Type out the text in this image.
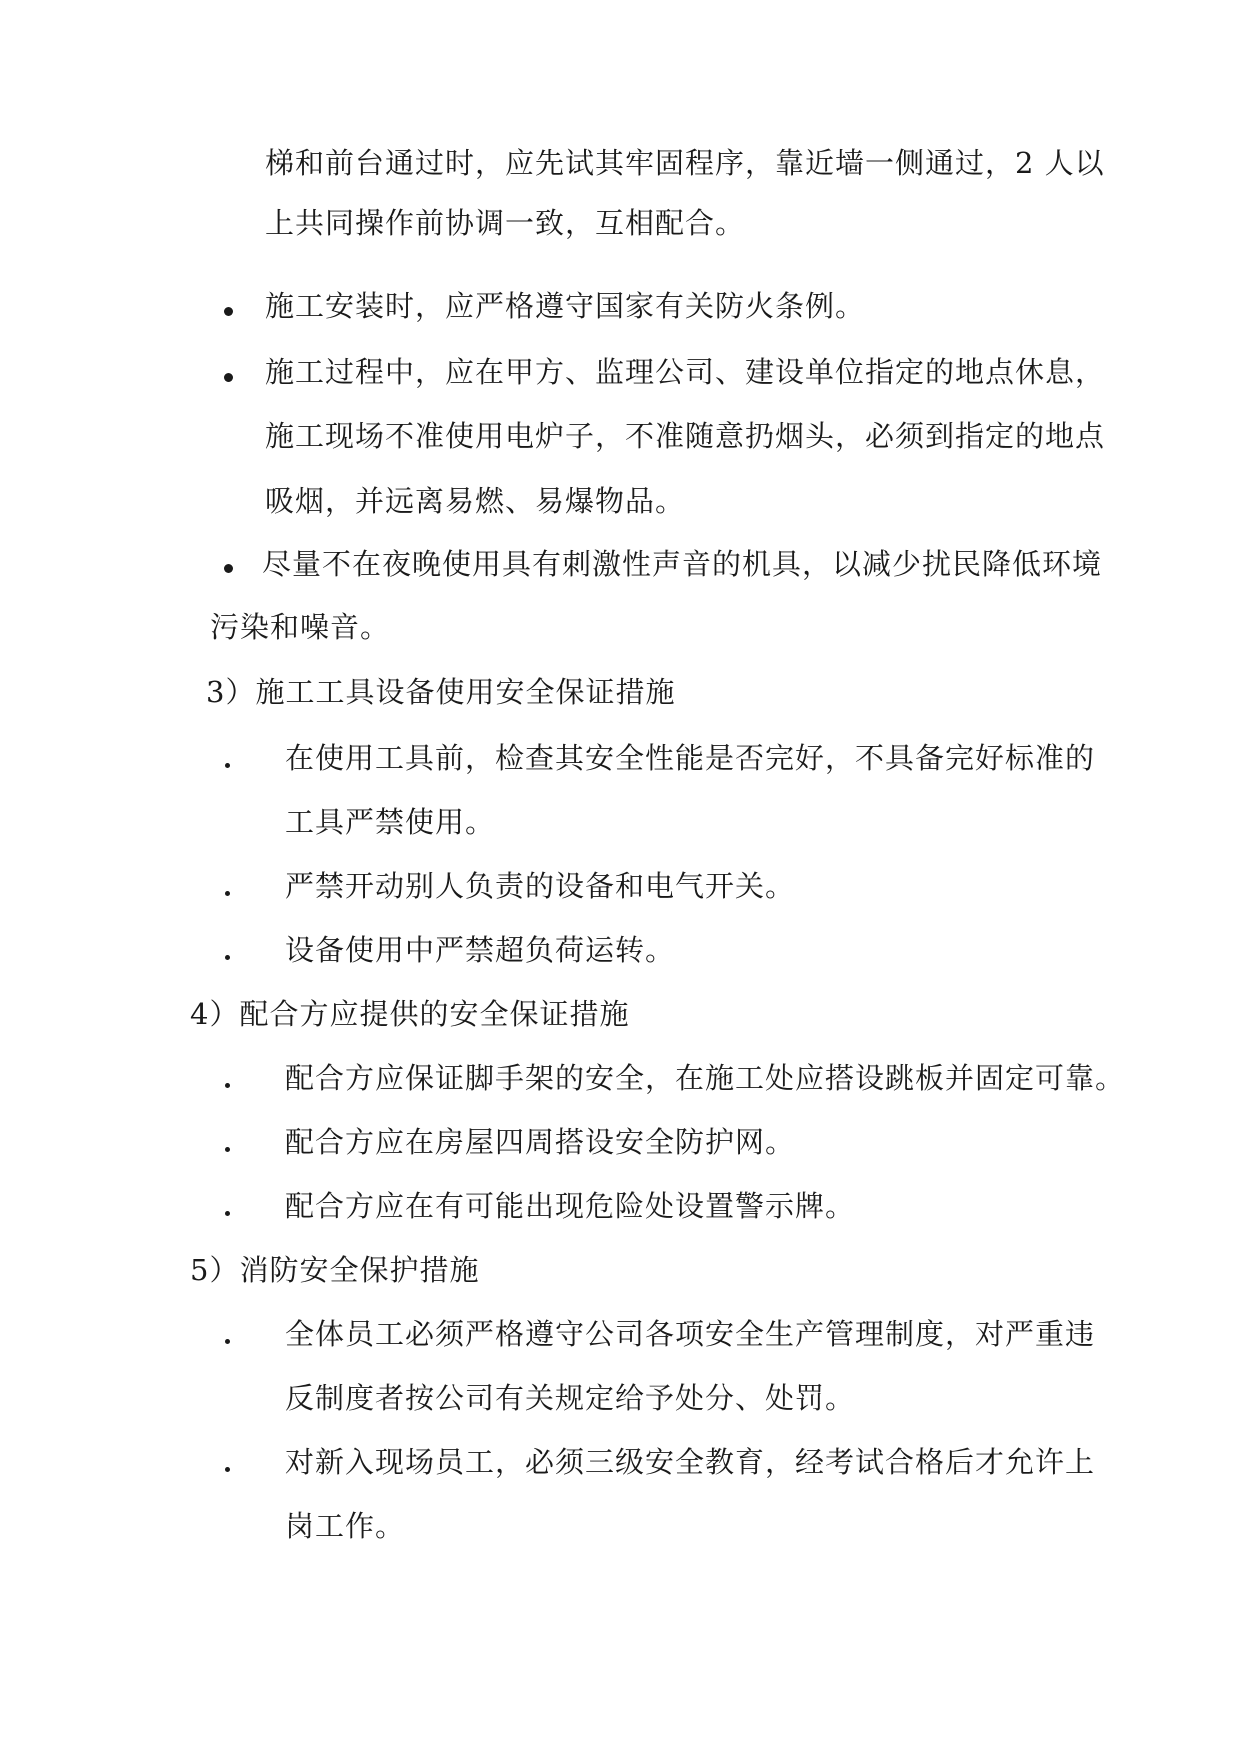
梯和前台通过时，应先试其牢固程序，靠近墙一侧通过，2 人以
上共同操作前协调一致，互相配合。
施工安装时，应严格遵守国家有关防火条例。
施工过程中，应在甲方、监理公司、建设单位指定的地点休息，
施工现场不准使用电炉子，不准随意扔烟头，必须到指定的地点
吸烟，并远离易燃、易爆物品。
尽量不在夜晚使用具有刺激性声音的机具，以减少扰民降低环境
污染和噪音。
3）施工工具设备使用安全保证措施
在使用工具前，检查其安全性能是否完好，不具备完好标准的
工具严禁使用。
严禁开动别人负责的设备和电气开关。
设备使用中严禁超负荷运转。
4）配合方应提供的安全保证措施
配合方应保证脚手架的安全，在施工处应搭设跳板并固定可靠。
配合方应在房屋四周搭设安全防护网。
配合方应在有可能出现危险处设置警示牌。
5）消防安全保护措施
全体员工必须严格遵守公司各项安全生产管理制度，对严重违
反制度者按公司有关规定给予处分、处罚。
对新入现场员工，必须三级安全教育，经考试合格后才允许上
岗工作。
